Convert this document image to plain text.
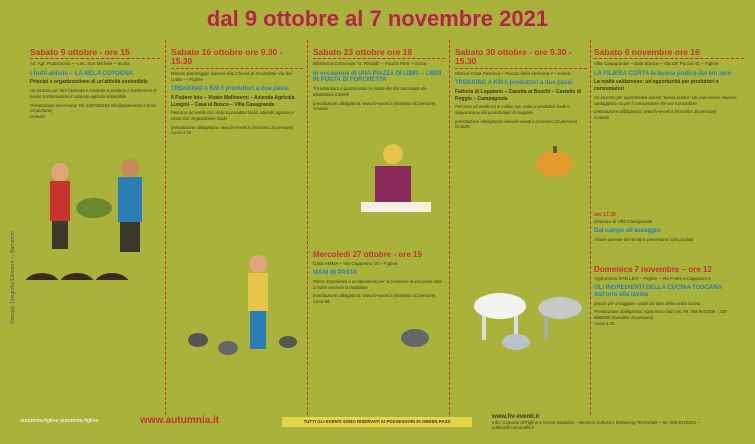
dal 9 ottobre al 7 novembre 2021
Stampa: Tipografia Eleonora — Barberino
Sabato 9 ottobre - ore 15
Az. Agr. Poderaccio — Loc. San Michele – Incisa
I frutti antichi – LA MELA COTOGNA
Principi e organizzazione di un'attività sostenibile
Un incontro per fare l'azienda e mostrare e produrre e trasformare le nostre trasformazioni in azienda agricola sostenibile
Prenotazione necessaria: Tel. 3487080192 Info@poderaccio.it (max 20 persone)
Gratuito
Sabato 16 ottobre ore 9.30 - 15.30
Ritrovo parcheggio davanti alla Chiesa di Scampata Via del Crato — Figline
TREKKING A KM 0 produttori a due passi
Il Podere Inio – Vivaio Malinverni – Azienda Agricola Lungini – Casa al Bosco – Villa Casagrande
Percorso ad anello con visita a produttori locali, aziende agricole e vivaio con degustazione finale
prenotazione obbligatoria: www.fiv-eventi.it (massimo 25 persone)
Costo € 15
Sabato 23 ottobre ore 18
Biblioteca Comunale "G. Rinaldi" – Piazza Pieri – Incisa
In occasione di UNA PIAZZA DI LIBRI – LIBRI IN PUNTA DI FORCHETTA
Tra letteratura e gastronomia: le ricette dei libri raccontate da Maddalena Caldelli
prenotazione obbligatoria: www.fiv-eventi.it (massimo 30 persone)
Gratuito
Mercoledì 27 ottobre - ore 19
Casa AMMA – Via Capperino 10 – Figline
MANI IN PASTA
Primo: Esperienza a un laboratorio per la creazione di una pasta fatta a mano secondo la tradizione
prenotazione obbligatoria: www.fiv-eventi.it (massimo 10 persone)
Costo 8€
Sabato 30 ottobre - ore 9.30 - 15.30
Ritrovo Casa Petrarca – Piazza della Memoria 7 – Incisa
TREKKING A KM 0 produttori a due passi
Fattoria di Loppiano – Casetta ai Boschi – Castello di Poggio – Campagnola
Percorso ad anello tra le colline con visita ai produttori locali e degustazione dei prodotti tipici di stagione
prenotazione obbligatoria: www.fiv-eventi.it (massimo 20 persone)
Gratuito
Sabato 6 novembre ore 16
Villa Casagrande – Sala Bianca – Via Del Puccio 41 – Figline
LA FILIERA CORTA la buona pratica del km zero
La realtà valdarnese: un'opportunità per produttori e consumatori
Un incontro per approfondire questa "buona pratica" che può essere davvero vantaggiosa sia per il consumatore che per il produttore
prenotazione obbligatoria: www.fiv-eventi.it (massimo 30 persone)
Gratuito
ore 17.30
Chiostro di Villa Casagrande
Dal campo all'assaggio
Alcune aziende del territorio presentano i loro prodotti
Domenica 7 novembre – ore 12
Agriturismo SAN LEO – Figline – Via Ponte a Cappiano 5
GLI INGREDIENTI DELLA CUCINA TOSCANA dall'orto alla tavola
pranzo per assaggiare i piatti più tipici della nostra cucina
Prenotazione obbligatoria: Agriturismo San Leo Tel. 055 9152306 – 339 8089005 (massimo 30 persone)
Costo € 25
autumnia.figline autumnia.figline	www.autumnia.it	TUTTI GLI EVENTI SONO RISERVATI AI POSSESSORI DI GREEN PASS
www.fiv-eventi.it
Info: Comune di Figline e Incisa Valdarno – Servizio Cultura e Marketing Territoriale – tel. 055 9125261 – cultura@comunefiv.it
